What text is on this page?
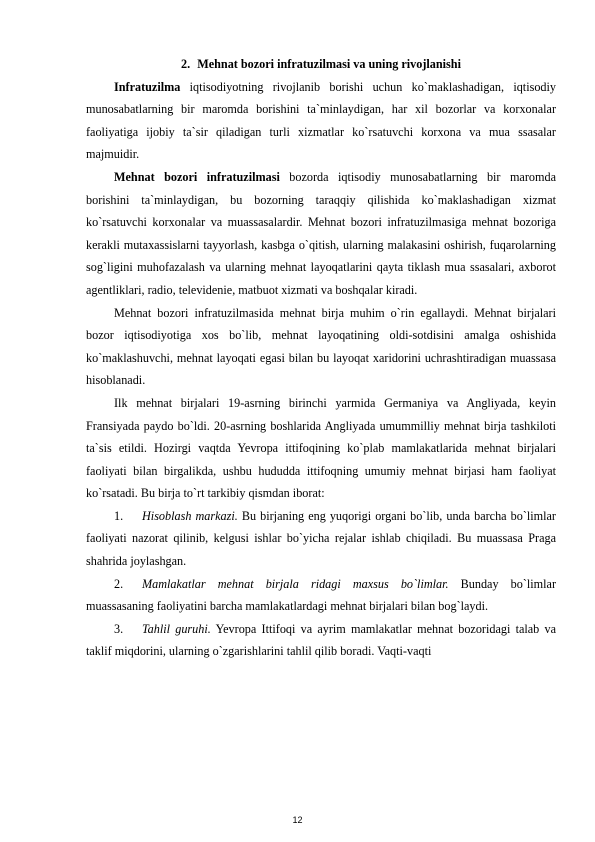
2. Mehnat bozori infratuzilmasi va uning rivojlanishi

Infratuzilma iqtisodiyotning rivojlanib borishi uchun ko`maklashadigan, iqtisodiy munosabatlarning bir maromda borishini ta`minlaydigan, har xil bozorlar va korxonalar faoliyatiga ijobiy ta`sir qiladigan turli xizmatlar ko`rsatuvchi korxona va mua ssasalar majmuidir.

Mehnat bozori infratuzilmasi bozorda iqtisodiy munosabatlarning bir maromda borishini ta`minlaydigan, bu bozorning taraqqiy qilishida ko`maklashadigan xizmat ko`rsatuvchi korxonalar va muassasalardir. Mehnat bozori infratuzilmasiga mehnat bozoriga kerakli mutaxassislarni tayyorlash, kasbga o`qitish, ularning malakasini oshirish, fuqarolarning sog`ligini muhofazalash va ularning mehnat layoqatlarini qayta tiklash mua ssasalari, axborot agentliklari, radio, televidenie, matbuot xizmati va boshqalar kiradi.

Mehnat bozori infratuzilmasida mehnat birja muhim o`rin egallaydi. Mehnat birjalari bozor iqtisodiyotiga xos bo`lib, mehnat layoqatining oldi-sotdisini amalga oshishida ko`maklashuvchi, mehnat layoqati egasi bilan bu layoqat xaridorini uchrashtiradigan muassasa hisoblanadi.

Ilk mehnat birjalari 19-asrning birinchi yarmida Germaniya va Angliyada, keyin Fransiyada paydo bo`ldi. 20-asrning boshlarida Angliyada umummilliy mehnat birja tashkiloti ta`sis etildi. Hozirgi vaqtda Yevropa ittifoqining ko`plab mamlakatlarida mehnat birjalari faoliyati bilan birgalikda, ushbu hududda ittifoqning umumiy mehnat birjasi ham faoliyat ko`rsatadi. Bu birja to`rt tarkibiy qismdan iborat:

1. Hisoblash markazi. Bu birjaning eng yuqorigi organi bo`lib, unda barcha bo`limlar faoliyati nazorat qilinib, kelgusi ishlar bo`yicha rejalar ishlab chiqiladi. Bu muassasa Praga shahrida joylashgan.

2. Mamlakatlar mehnat birjala ridagi maxsus bo`limlar. Bunday bo`limlar muassasaning faoliyatini barcha mamlakatlardagi mehnat birjalari bilan bog`laydi.

3. Tahlil guruhi. Yevropa Ittifoqi va ayrim mamlakatlar mehnat bozoridagi talab va taklif miqdorini, ularning o`zgarishlarini tahlil qilib boradi. Vaqti-vaqti

12
